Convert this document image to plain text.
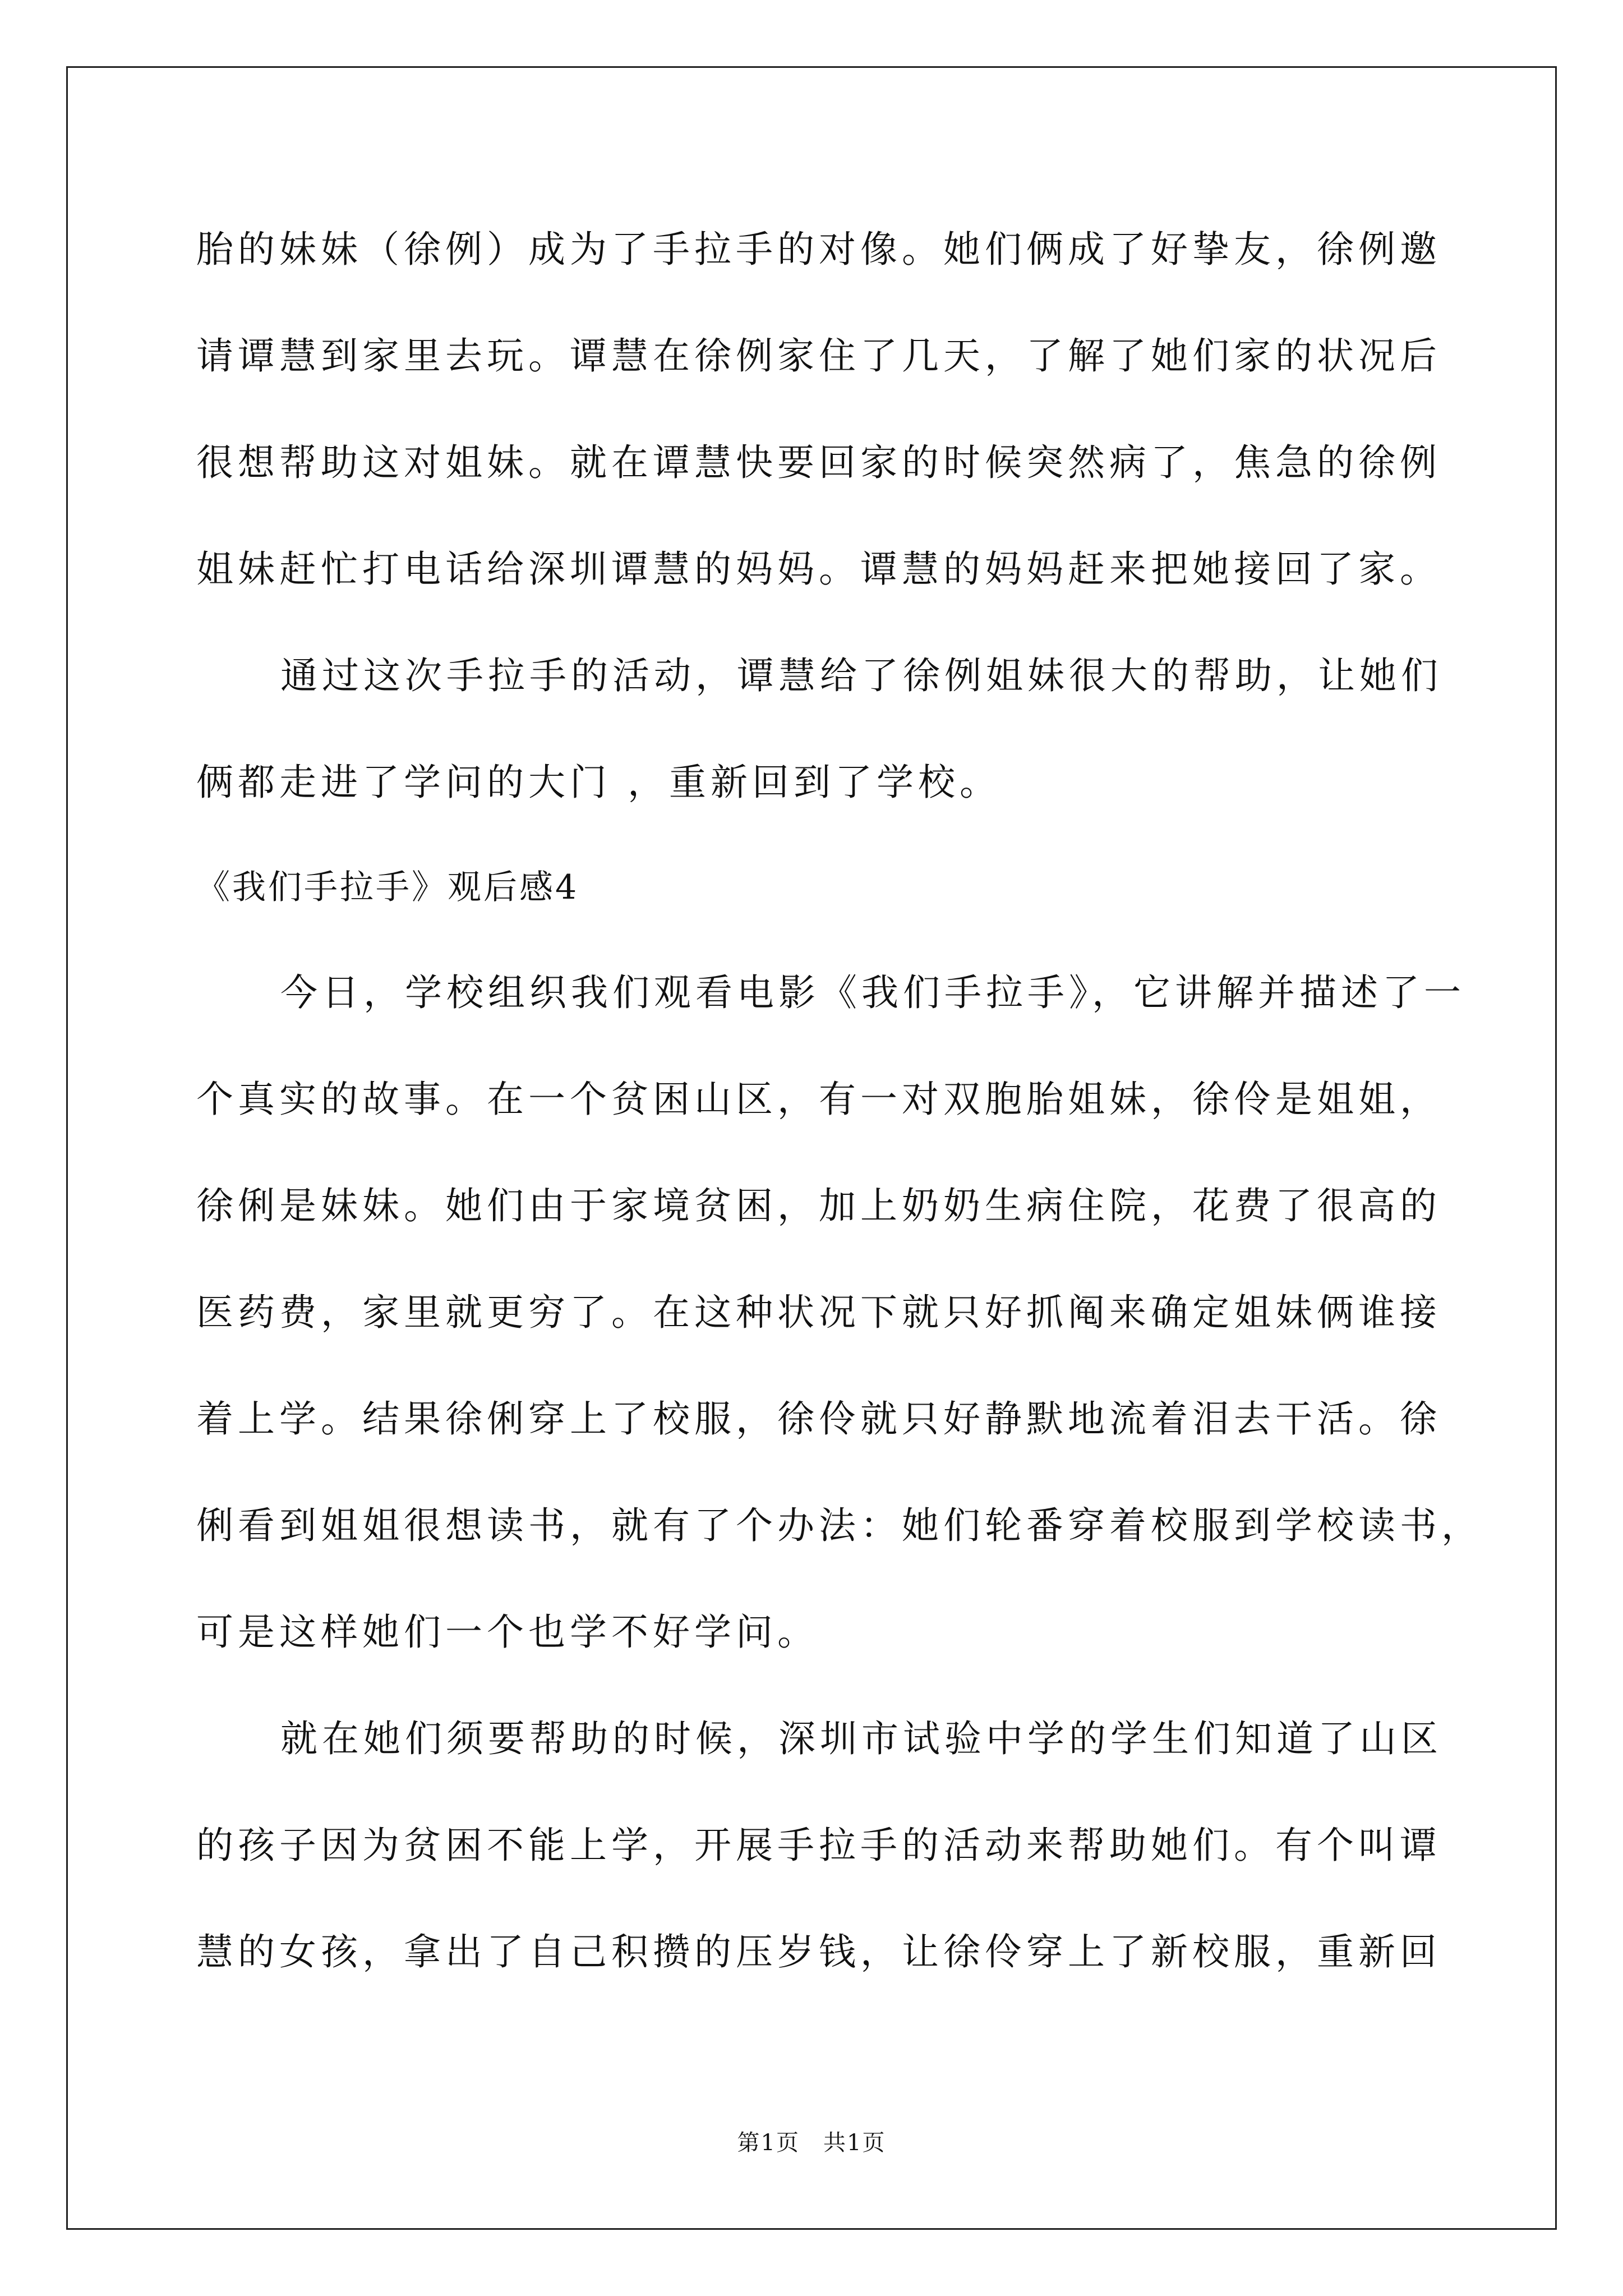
胎的妹妹（徐例）成为了手拉手的对像。她们俩成了好挚友，徐例邀
请谭慧到家里去玩。谭慧在徐例家住了几天，了解了她们家的状况后
很想帮助这对姐妹。就在谭慧快要回家的时候突然病了，焦急的徐例
姐妹赶忙打电话给深圳谭慧的妈妈。谭慧的妈妈赶来把她接回了家。
通过这次手拉手的活动，谭慧给了徐例姐妹很大的帮助，让她们
俩都走进了学问的大门 ，重新回到了学校。
《我们手拉手》观后感4
今日，学校组织我们观看电影《我们手拉手》，它讲解并描述了一
个真实的故事。在一个贫困山区，有一对双胞胎姐妹，徐伶是姐姐，
徐俐是妹妹。她们由于家境贫困，加上奶奶生病住院，花费了很高的
医药费，家里就更穷了。在这种状况下就只好抓阄来确定姐妹俩谁接
着上学。结果徐俐穿上了校服，徐伶就只好静默地流着泪去干活。徐
俐看到姐姐很想读书，就有了个办法：她们轮番穿着校服到学校读书，
可是这样她们一个也学不好学问。
就在她们须要帮助的时候，深圳市试验中学的学生们知道了山区
的孩子因为贫困不能上学，开展手拉手的活动来帮助她们。有个叫谭
慧的女孩，拿出了自己积攒的压岁钱，让徐伶穿上了新校服，重新回
第1页　共1页
